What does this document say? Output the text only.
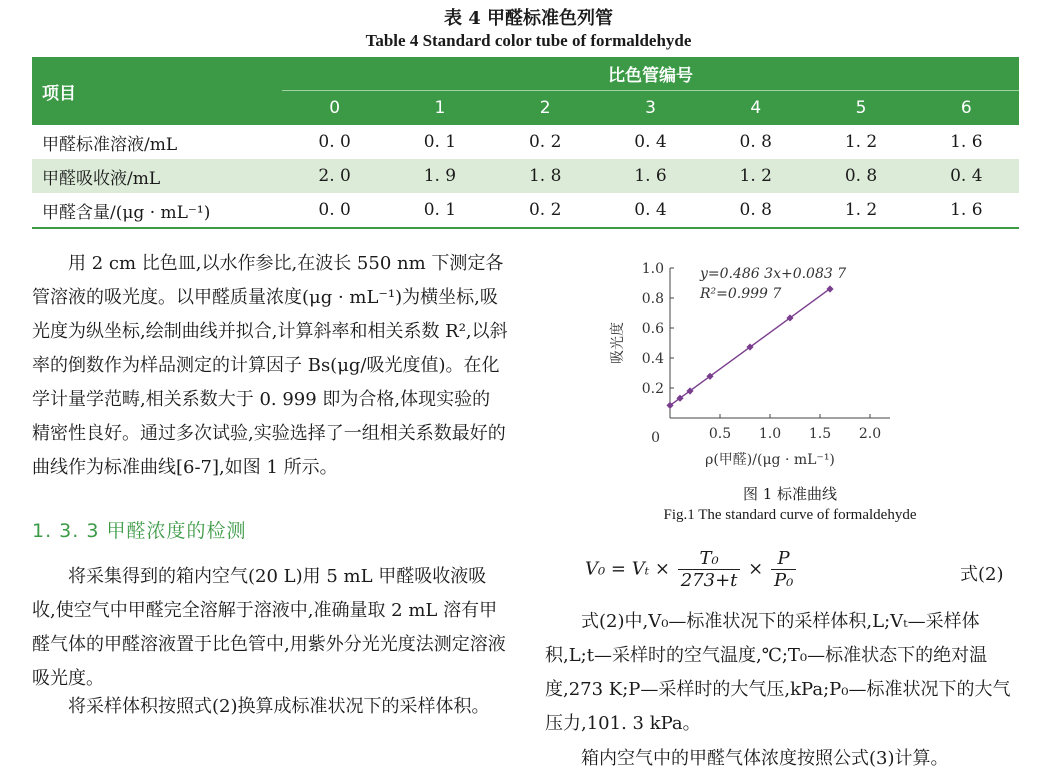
表 4 甲醛标准色列管
Table 4 Standard color tube of formaldehyde
项目	比色管编号						
	0	1	2	3	4	5	6
甲醛标准溶液/mL	0. 0	0. 1	0. 2	0. 4	0. 8	1. 2	1. 6
甲醛吸收液/mL	2. 0	1. 9	1. 8	1. 6	1. 2	0. 8	0. 4
甲醛含量/(μg · mL⁻¹)	0. 0	0. 1	0. 2	0. 4	0. 8	1. 2	1. 6

用 2 cm 比色皿,以水作参比,在波长 550 nm 下测定各管溶液的吸光度。以甲醛质量浓度(μg · mL⁻¹)为横坐标,吸光度为纵坐标,绘制曲线并拟合,计算斜率和相关系数 R²,以斜率的倒数作为样品测定的计算因子 Bs(μg/吸光度值)。在化学计量学范畴,相关系数大于 0. 999 即为合格,体现实验的精密性良好。通过多次试验,实验选择了一组相关系数最好的曲线作为标准曲线[6-7],如图 1 所示。

1. 3. 3 甲醛浓度的检测

将采集得到的箱内空气(20 L)用 5 mL 甲醛吸收液吸收,使空气中甲醛完全溶解于溶液中,准确量取 2 mL 溶有甲醛气体的甲醛溶液置于比色管中,用紫外分光光度法测定溶液吸光度。

将采样体积按照式(2)换算成标准状况下的采样体积。

0.2
0.4
0.6
0.8
1.0
0.5 1.0 1.5 2.0
0
y=0.486 3x+0.083 7
R²=0.999 7
ρ(甲醛)/(μg · mL⁻¹)
吸光度
图 1 标准曲线
Fig.1 The standard curve of formaldehyde
$V_0 = V_t \times \frac{\text{T₀}}{273+t} \times \frac{P}{\text{P₀}}$	式(2)

式(2)中,V₀—标准状况下的采样体积,L;Vₜ—采样体积,L;t—采样时的空气温度,℃;T₀—标准状态下的绝对温度,273 K;P—采样时的大气压,kPa;P₀—标准状况下的大气压力,101. 3 kPa。

箱内空气中的甲醛气体浓度按照公式(3)计算。
